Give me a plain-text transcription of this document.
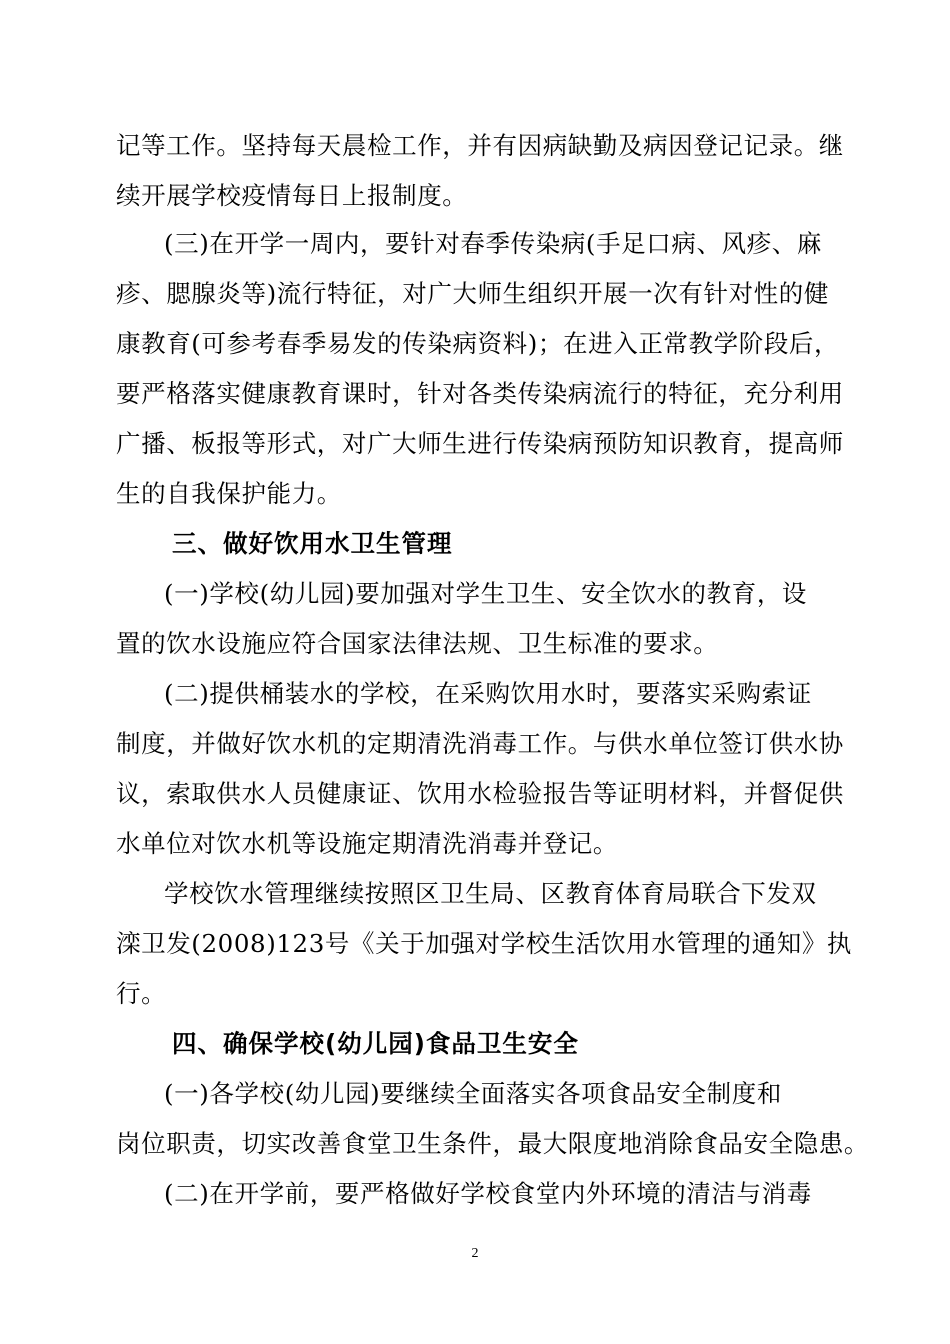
记等工作。坚持每天晨检工作，并有因病缺勤及病因登记记录。继
续开展学校疫情每日上报制度。
(三)在开学一周内，要针对春季传染病(手足口病、风疹、麻
疹、腮腺炎等)流行特征，对广大师生组织开展一次有针对性的健
康教育(可参考春季易发的传染病资料)；在进入正常教学阶段后，
要严格落实健康教育课时，针对各类传染病流行的特征，充分利用
广播、板报等形式，对广大师生进行传染病预防知识教育，提高师
生的自我保护能力。
三、做好饮用水卫生管理
(一)学校(幼儿园)要加强对学生卫生、安全饮水的教育，设
置的饮水设施应符合国家法律法规、卫生标准的要求。
(二)提供桶装水的学校，在采购饮用水时，要落实采购索证
制度，并做好饮水机的定期清洗消毒工作。与供水单位签订供水协
议，索取供水人员健康证、饮用水检验报告等证明材料，并督促供
水单位对饮水机等设施定期清洗消毒并登记。
学校饮水管理继续按照区卫生局、区教育体育局联合下发双
滦卫发(2008)123号《关于加强对学校生活饮用水管理的通知》执
行。
四、确保学校(幼儿园)食品卫生安全
(一)各学校(幼儿园)要继续全面落实各项食品安全制度和
岗位职责，切实改善食堂卫生条件，最大限度地消除食品安全隐患。
(二)在开学前，要严格做好学校食堂内外环境的清洁与消毒
2
